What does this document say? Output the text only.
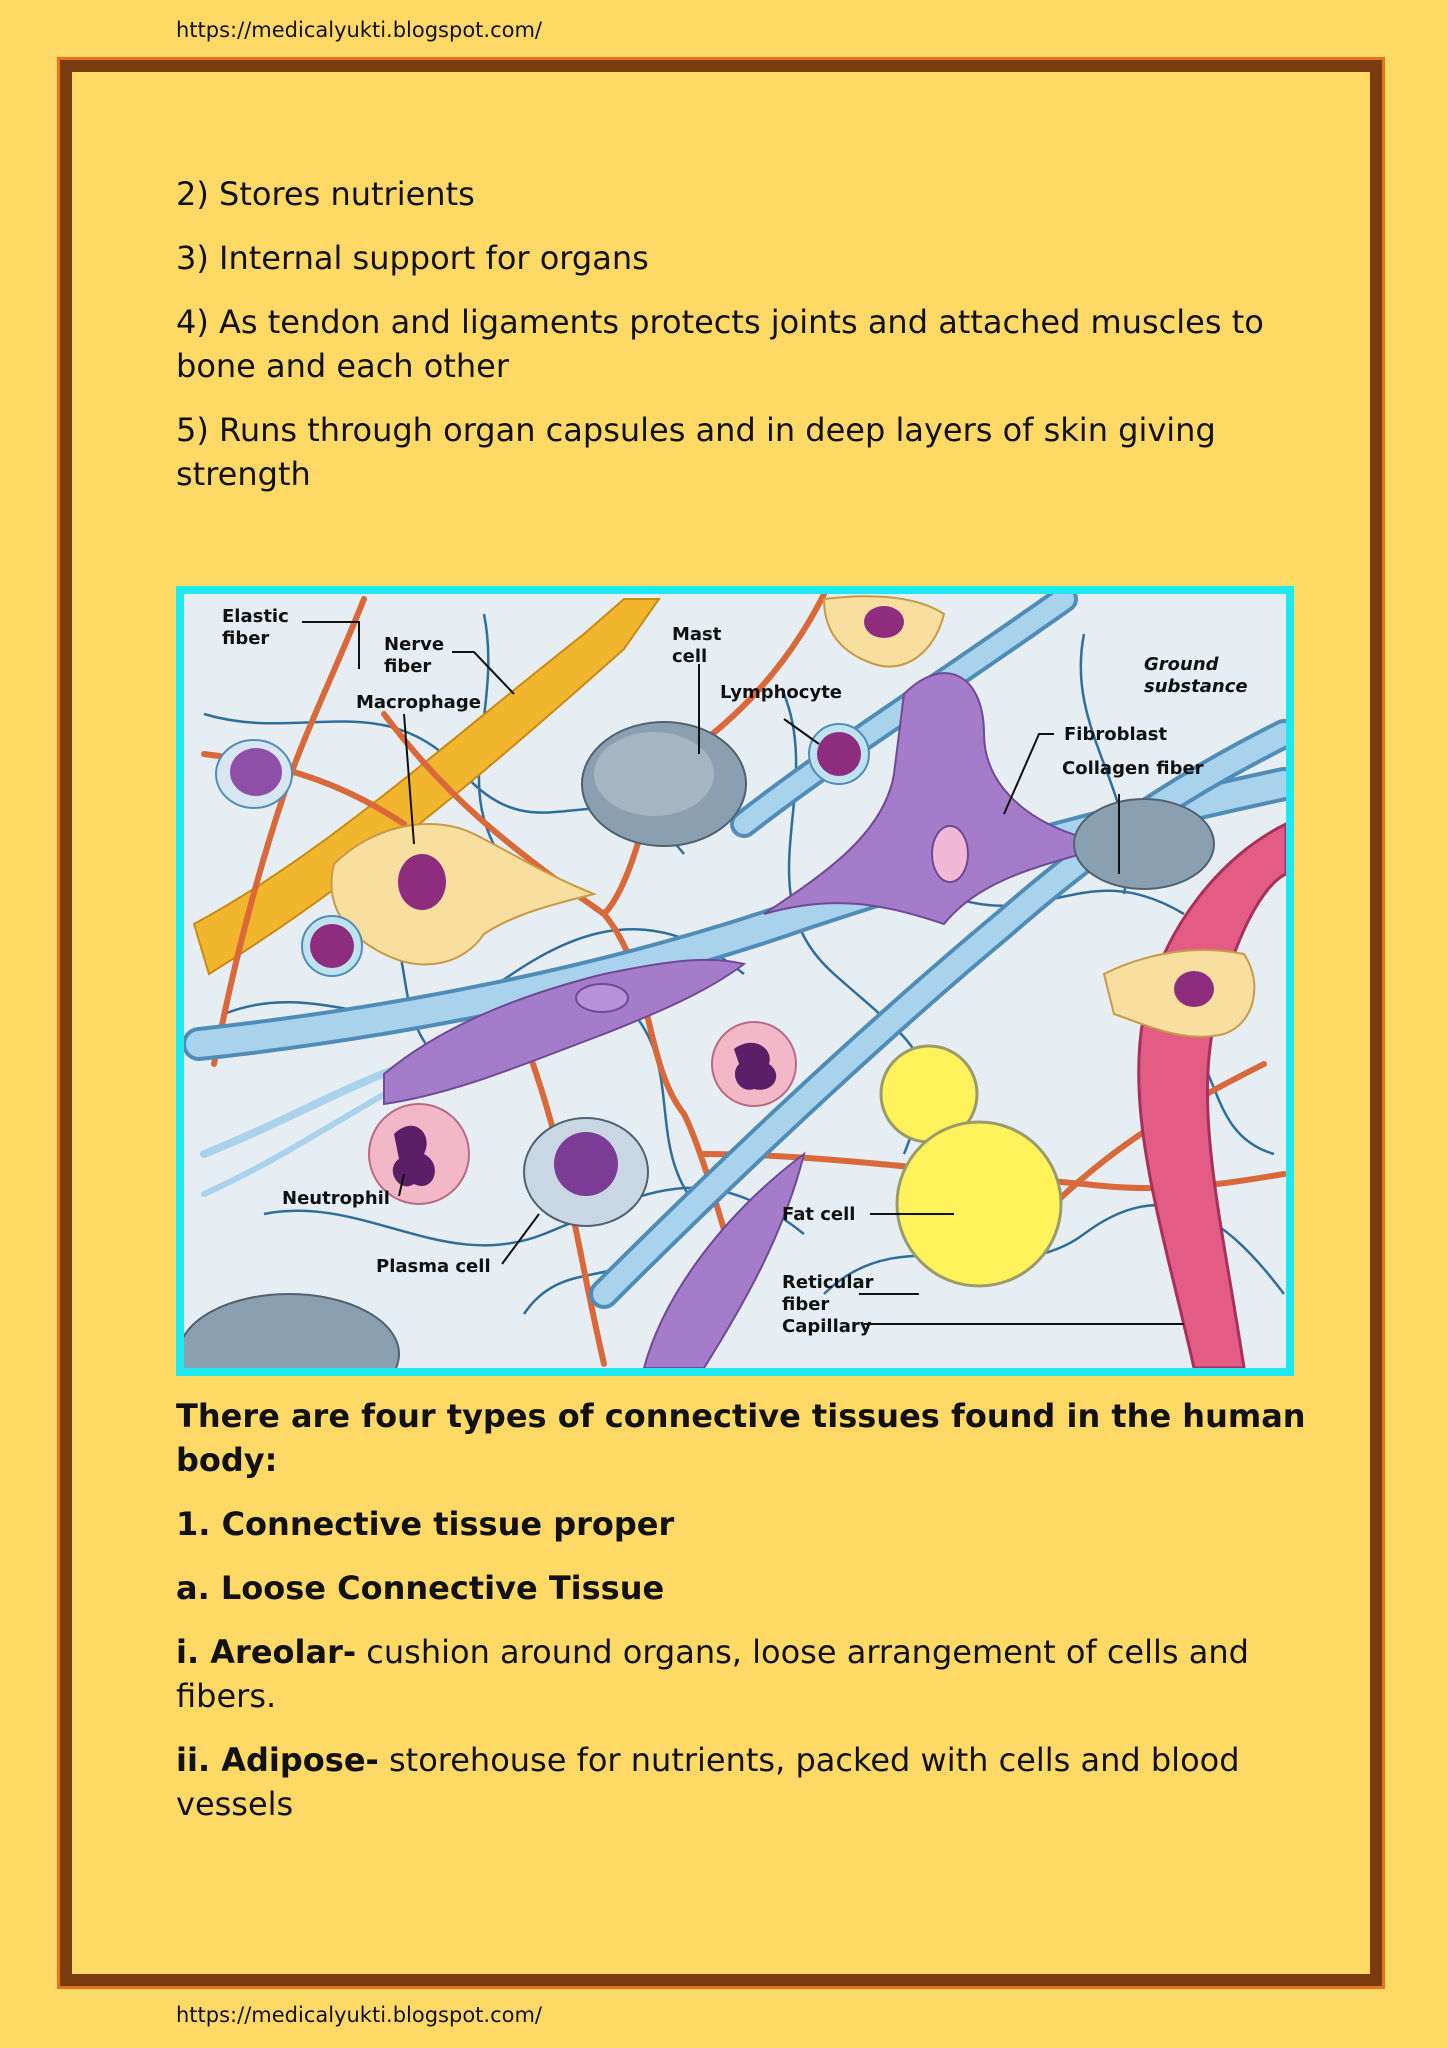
https://medicalyukti.blogspot.com/

2) Stores nutrients

3) Internal support for organs

4) As tendon and ligaments protects joints and attached muscles to bone and each other

5) Runs through organ capsules and in deep layers of skin giving strength

Elastic
fiber	Nerve
fiber
Macrophage
Mast
cell
Lymphocyte
Ground
substance
Fibroblast
Collagen fiber
Neutrophil
Plasma cell
Fat cell
Reticular
fiber
Capillary

There are four types of connective tissues found in the human body:

1. Connective tissue proper

a. Loose Connective Tissue

i. Areolar- cushion around organs, loose arrangement of cells and fibers.

ii. Adipose- storehouse for nutrients, packed with cells and blood vessels

https://medicalyukti.blogspot.com/
